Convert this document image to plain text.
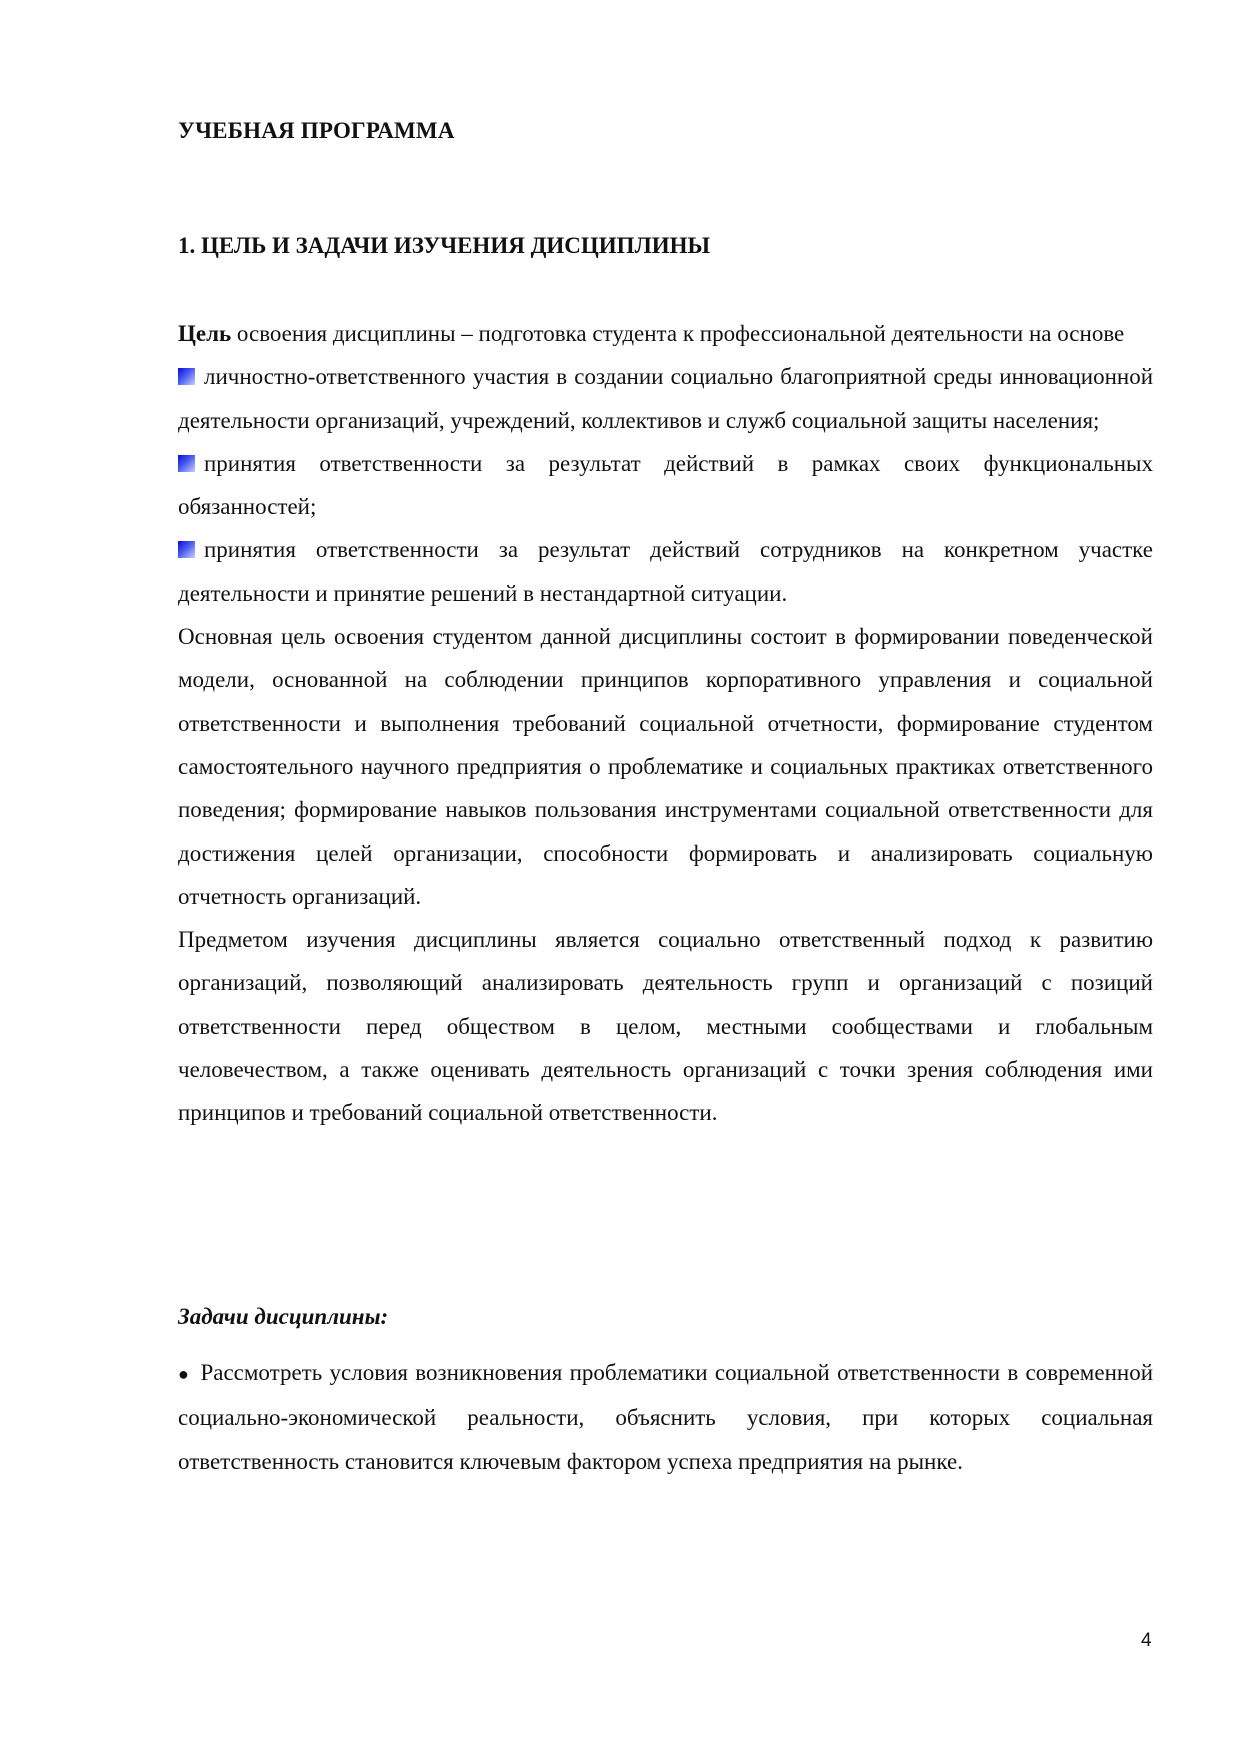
УЧЕБНАЯ ПРОГРАММА

1. ЦЕЛЬ И ЗАДАЧИ ИЗУЧЕНИЯ ДИСЦИПЛИНЫ

Цель освоения дисциплины – подготовка студента к профессиональной деятельности на основе

личностно-ответственного участия в создании социально благоприятной среды инновационной деятельности организаций, учреждений, коллективов и служб социальной защиты населения;

принятия ответственности за результат действий в рамках своих функциональных обязанностей;

принятия ответственности за результат действий сотрудников на конкретном участке деятельности и принятие решений в нестандартной ситуации.

Основная цель освоения студентом данной дисциплины состоит в формировании поведенческой модели, основанной на соблюдении принципов корпоративного управления и социальной ответственности и выполнения требований социальной отчетности, формирование студентом самостоятельного научного предприятия о проблематике и социальных практиках ответственного поведения; формирование навыков пользования инструментами социальной ответственности для достижения целей организации, способности формировать и анализировать социальную отчетность организаций.

Предметом изучения дисциплины является социально ответственный подход к развитию организаций, позволяющий анализировать деятельность групп и организаций с позиций ответственности перед обществом в целом, местными сообществами и глобальным человечеством, а также оценивать деятельность организаций с точки зрения соблюдения ими принципов и требований социальной ответственности.

Задачи дисциплины:

● Рассмотреть условия возникновения проблематики социальной ответственности в современной социально-экономической реальности, объяснить условия, при которых социальная ответственность становится ключевым фактором успеха предприятия на рынке.

4
